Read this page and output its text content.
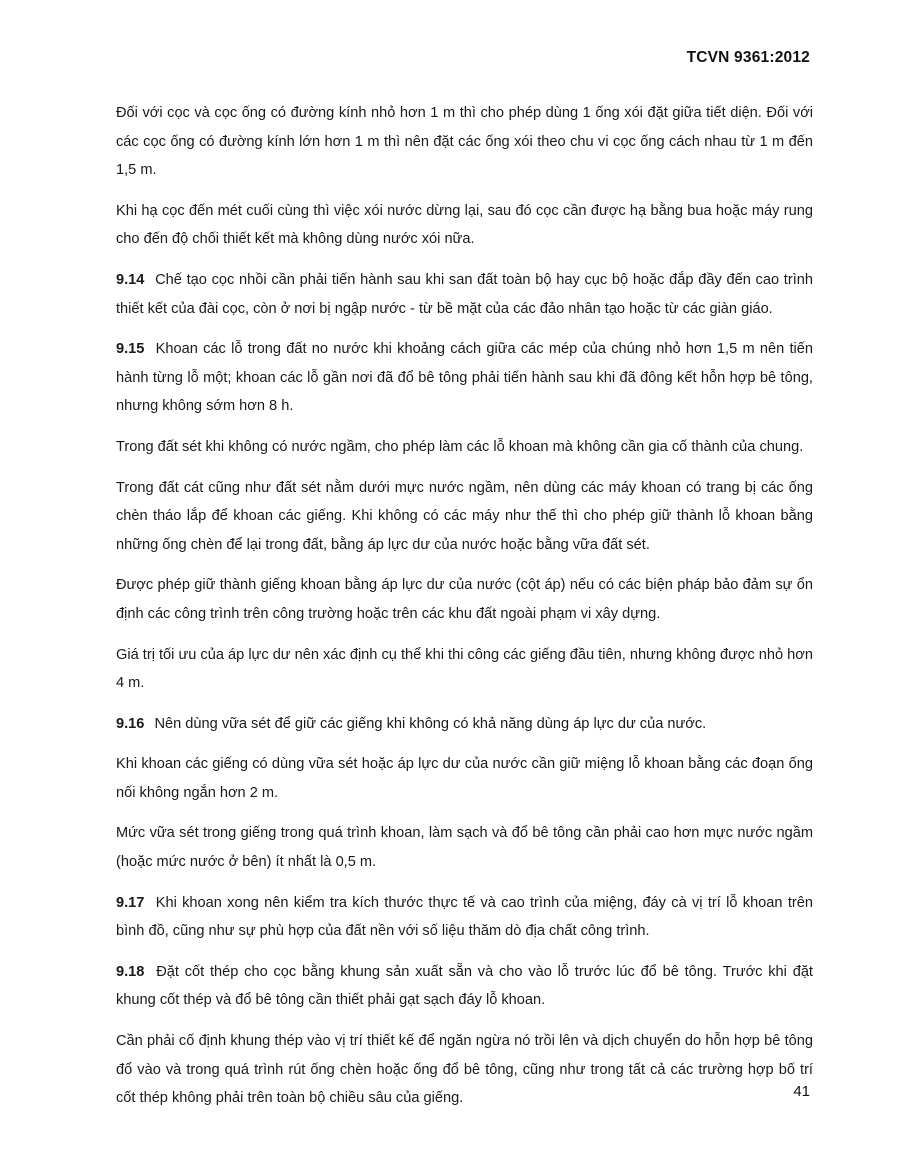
TCVN 9361:2012

Đối với cọc và cọc ống có đường kính nhỏ hơn 1 m thì cho phép dùng 1 ống xói đặt giữa tiết diện. Đối với các cọc ống có đường kính lớn hơn 1 m thì nên đặt các ống xói theo chu vi cọc ống cách nhau từ 1 m đến 1,5 m.

Khi hạ cọc đến mét cuối cùng thì việc xói nước dừng lại, sau đó cọc cần được hạ bằng bua hoặc máy rung cho đến độ chối thiết kết mà không dùng nước xói nữa.

9.14 Chế tạo cọc nhồi cần phải tiến hành sau khi san đất toàn bộ hay cục bộ hoặc đắp đầy đến cao trình thiết kết của đài cọc, còn ở nơi bị ngập nước - từ bề mặt của các đảo nhân tạo hoặc từ các giàn giáo.

9.15 Khoan các lỗ trong đất no nước khi khoảng cách giữa các mép của chúng nhỏ hơn 1,5 m nên tiến hành từng lỗ một; khoan các lỗ gần nơi đã đổ bê tông phải tiến hành sau khi đã đông kết hỗn hợp bê tông, nhưng không sớm hơn 8 h.

Trong đất sét khi không có nước ngầm, cho phép làm các lỗ khoan mà không cần gia cố thành của chung.

Trong đất cát cũng như đất sét nằm dưới mực nước ngầm, nên dùng các máy khoan có trang bị các ống chèn tháo lắp để khoan các giếng. Khi không có các máy như thế thì cho phép giữ thành lỗ khoan bằng những ống chèn để lại trong đất, bằng áp lực dư của nước hoặc bằng vữa đất sét.

Được phép giữ thành giếng khoan bằng áp lực dư của nước (cột áp) nếu có các biện pháp bảo đảm sự ổn định các công trình trên công trường hoặc trên các khu đất ngoài phạm vi xây dựng.

Giá trị tối ưu của áp lực dư nên xác định cụ thể khi thi công các giếng đầu tiên, nhưng không được nhỏ hơn 4 m.

9.16 Nên dùng vữa sét để giữ các giếng khi không có khả năng dùng áp lực dư của nước.

Khi khoan các giếng có dùng vữa sét hoặc áp lực dư của nước cần giữ miệng lỗ khoan bằng các đoạn ống nối không ngắn hơn 2 m.

Mức vữa sét trong giếng trong quá trình khoan, làm sạch và đổ bê tông cần phải cao hơn mực nước ngầm (hoặc mức nước ở bên) ít nhất là 0,5 m.

9.17 Khi khoan xong nên kiểm tra kích thước thực tế và cao trình của miệng, đáy cà vị trí lỗ khoan trên bình đồ, cũng như sự phù hợp của đất nền với số liệu thăm dò địa chất công trình.

9.18 Đặt cốt thép cho cọc bằng khung sản xuất sẵn và cho vào lỗ trước lúc đổ bê tông. Trước khi đặt khung cốt thép và đổ bê tông cần thiết phải gạt sạch đáy lỗ khoan.

Cần phải cố định khung thép vào vị trí thiết kế để ngăn ngừa nó trồi lên và dịch chuyển do hỗn hợp bê tông đổ vào và trong quá trình rút ống chèn hoặc ống đổ bê tông, cũng như trong tất cả các trường hợp bố trí cốt thép không phải trên toàn bộ chiều sâu của giếng.	41
